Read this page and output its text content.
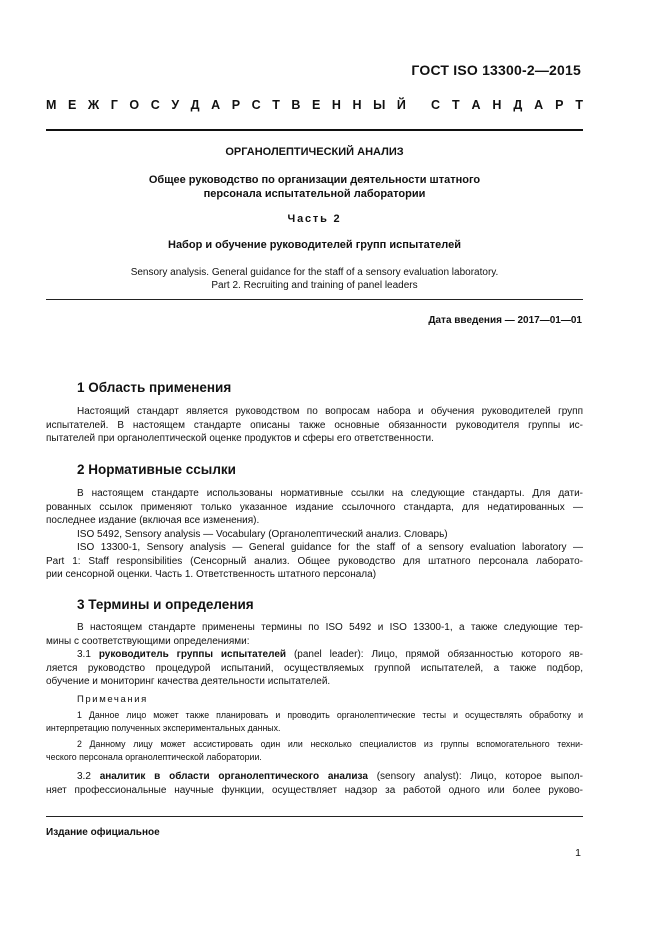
ГОСТ ISO 13300-2—2015
М Е Ж Г О С У Д А Р С Т В Е Н Н Ы Й С Т А Н Д А Р Т
ОРГАНОЛЕПТИЧЕСКИЙ АНАЛИЗ
Общее руководство по организации деятельности штатного
персонала испытательной лаборатории
Часть 2
Набор и обучение руководителей групп испытателей
Sensory analysis. General guidance for the staff of a sensory evaluation laboratory.
Part 2. Recruiting and training of panel leaders
Дата введения — 2017—01—01
1 Область применения
Настоящий стандарт является руководством по вопросам набора и обучения руководителей групп
испытателей. В настоящем стандарте описаны также основные обязанности руководителя группы ис-
пытателей при органолептической оценке продуктов и сферы его ответственности.
2 Нормативные ссылки
В настоящем стандарте использованы нормативные ссылки на следующие стандарты. Для дати-
рованных ссылок применяют только указанное издание ссылочного стандарта, для недатированных —
последнее издание (включая все изменения).
ISO 5492, Sensory analysis — Vocabulary (Органолептический анализ. Словарь)
ISO 13300-1, Sensory analysis — General guidance for the staff of a sensory evaluation laboratory —
Part 1: Staff responsibilities (Сенсорный анализ. Общее руководство для штатного персонала лаборато-
рии сенсорной оценки. Часть 1. Ответственность штатного персонала)
3 Термины и определения
В настоящем стандарте применены термины по ISO 5492 и ISO 13300-1, а также следующие тер-
мины с соответствующими определениями:
3.1 руководитель группы испытателей (panel leader): Лицо, прямой обязанностью которого яв-
ляется руководство процедурой испытаний, осуществляемых группой испытателей, а также подбор,
обучение и мониторинг качества деятельности испытателей.
Примечания
1 Данное лицо может также планировать и проводить органолептические тесты и осуществлять обработку и
интерпретацию полученных экспериментальных данных.
2 Данному лицу может ассистировать один или несколько специалистов из группы вспомогательного техни-
ческого персонала органолептической лаборатории.
3.2 аналитик в области органолептического анализа (sensory analyst): Лицо, которое выпол-
няет профессиональные научные функции, осуществляет надзор за работой одного или более руково-
Издание официальное
1
